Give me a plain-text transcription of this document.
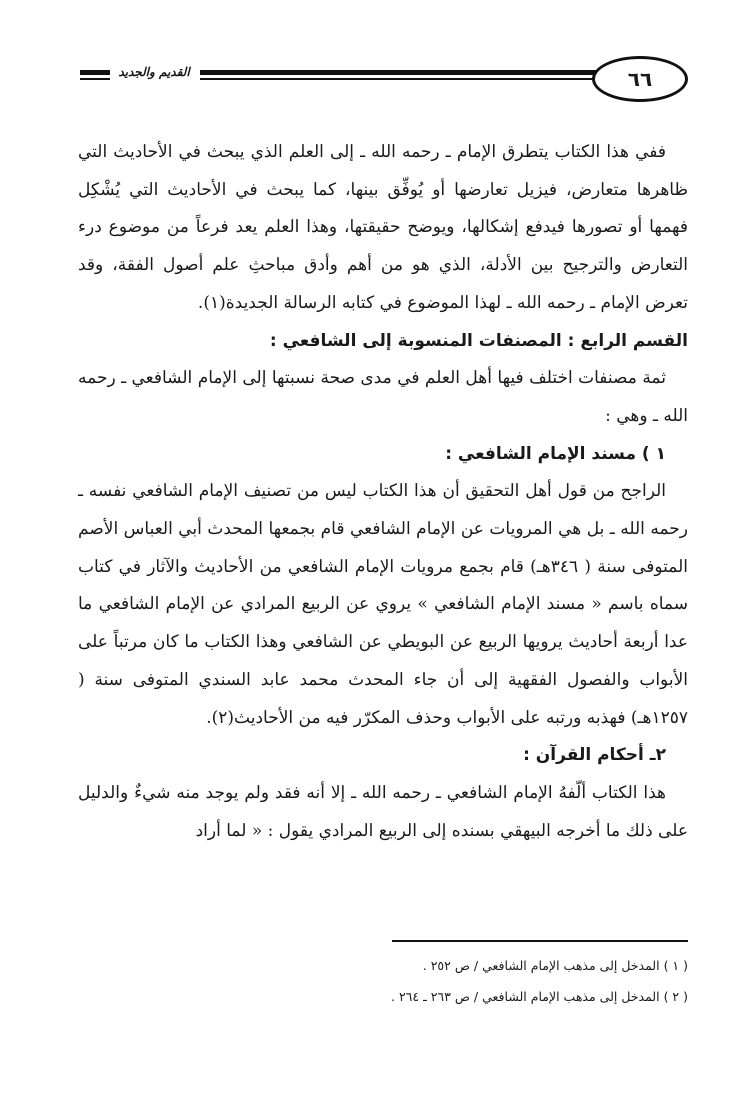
٦٦
القديم والجديد

ففي هذا الكتاب يتطرق الإمام ـ رحمه الله ـ إلى العلم الذي يبحث في الأحاديث التي ظاهرها متعارض، فيزيل تعارضها أو يُوفِّق بينها، كما يبحث في الأحاديث التي يُشْكِل فهمها أو تصورها فيدفع إشكالها، ويوضح حقيقتها، وهذا العلم يعد فرعاً من موضوع درء التعارض والترجيح بين الأدلة، الذي هو من أهم وأدق مباحثِ علم أصول الفقة، وقد تعرض الإمام ـ رحمه الله ـ لهذا الموضوع في كتابه الرسالة الجديدة(١).

القسم الرابع : المصنفات المنسوبة إلى الشافعي :

ثمة مصنفات اختلف فيها أهل العلم في مدى صحة نسبتها إلى الإمام الشافعي ـ رحمه الله ـ وهي :

١ ) مسند الإمام الشافعي :

الراجح من قول أهل التحقيق أن هذا الكتاب ليس من تصنيف الإمام الشافعي نفسه ـ رحمه الله ـ بل هي المرويات عن الإمام الشافعي قام بجمعها المحدث أبي العباس الأصم المتوفى سنة ( ٣٤٦هـ) قام بجمع مرويات الإمام الشافعي من الأحاديث والآثار في كتاب سماه باسم « مسند الإمام الشافعي » يروي عن الربيع المرادي عن الإمام الشافعي ما عدا أربعة أحاديث يرويها الربيع عن البويطي عن الشافعي وهذا الكتاب ما كان مرتباً على الأبواب والفصول الفقهية إلى أن جاء المحدث محمد عابد السندي المتوفى سنة ( ١٢٥٧هـ) فهذبه ورتبه على الأبواب وحذف المكرّر فيه من الأحاديث(٢).

٢ـ أحكام القرآن :

هذا الكتاب ألّفهُ الإمام الشافعي ـ رحمه الله ـ إلا أنه فقد ولم يوجد منه شيءٌ والدليل على ذلك ما أخرجه البيهقي بسنده إلى الربيع المرادي يقول : « لما أراد

( ١ ) المدخل إلى مذهب الإمام الشافعي / ص ٢٥٢ .

( ٢ ) المدخل إلى مذهب الإمام الشافعي / ص ٢٦٣ ـ ٢٦٤ .
